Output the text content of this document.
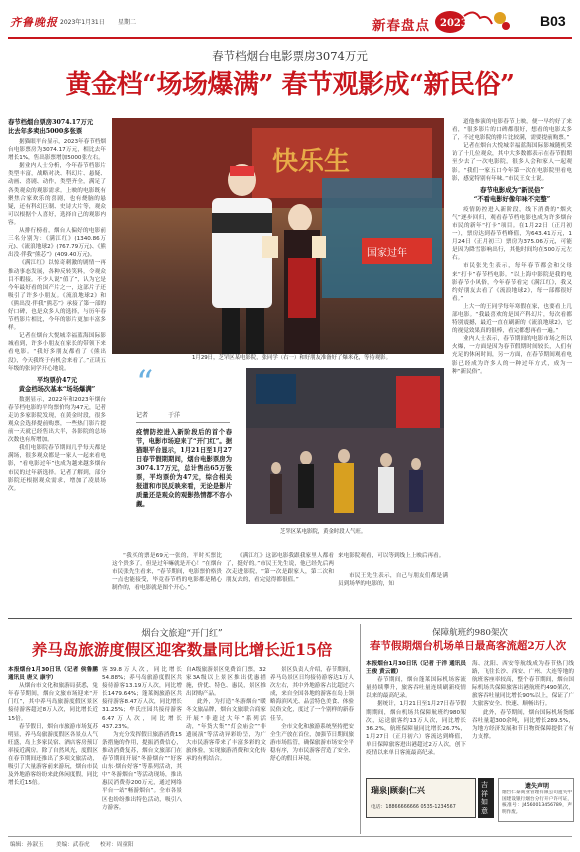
齐鲁晚报 2023年1月31日 星期二	新春盘点 2023	B03
春节档烟台电影票房3074万元
黄金档“场场爆满” 春节观影成“新民俗”
春节档烟台票房3074.17万元
比去年多卖出5000多张票

据猫眼平台显示，2023年春节档烟台电影票房为3074.17万元，相比去年增长1%，售出影票增加5000张左右。

据业内人士分析，今年春节档影片类型丰富，战略对决、科幻片、悬疑、动画、喜剧、动作，类型齐全，满足了各类观众的观影需求。上映的电影既有聚焦合家欢乐的喜剧，也有烧脑的悬疑，还有科幻巨制、史诗大片等，观众可以根据个人喜好，选择自己的观影内容。

从排行榜看，烟台人偏好的电影前三名分别为：《满江红》(1340.86万元)、《流浪地球2》(767.79万元)、《熊出没·伴我“熊芯”》(409.40万元)。

《满江红》以惊奇刺激的剧情一再推动事态发展，各种反转笑料，令观众目不暇接。不少人说“值了”，认为它是今年最好看的国产片之一，这部片子还吸引了许多小朋友。《流浪地球2》和《熊出没·伴我“熊芯”》承接了第一部的好口碑，也是众多人的选择，与历年春节档影片相比，今年的影片更加丰富多样。

记者在烟台大悦城幸福蓝海国际影城看到，许多小朋友在家长的带领下来看电影。“我好多朋友都看了《熊出没》，今天我终于有机会来看了。”正读五年级的张同学开心地说。

平均票价47元
黄金档场次基本“场场爆满”

数据显示，2022年和2023年烟台春节档电影的平均票价均为47元，记者走访多家影院发现，在黄金时段，很多观众会选择提前购票，一些热门影片提前一天就已经售出大半，各影院的总场次数也有所增加。

我们电影院春节期间几乎每天都是满场，很多观众都是一家人一起来看电影，“看电影过年”也成为越来越多烟台市民的过年新选择。记者了解到，部分影院还根据观众需求，增加了凌晨场次。

快乐生
国家过年
1月29日，芝罘区某电影院，张同学（右一）和好朋友准备好了爆米花，等待观影。
“
记者	于洋

疫情防控进入新阶段后的首个春节，电影市场迎来了“开门红”。据猫眼平台显示，1月21日至1月27日春节假期期间，烟台电影票房为3074.17万元，总计售出65万张票，平均票价为47元，综合相关报道和市民反映来看，无论是影片质量还是观众的观影热情都不容小觑。

芝罘区某电影院，黄金时段人气旺。

道他参演的电影春节上映，便一早约好了来看，“很多影片的口碑都很好，想看的电影太多了，不过电影院的排片比较满，需要提前购票。”

记者在烟台大悦城幸福蓝海国际影城随机采访了十几位观众，其中大多数都表示在春节假期至少去了一次电影院，很多人会和家人一起观影。“我们一家五口今年第一次在电影院里看电影，感觉特别有年味。”市民王女士说。

春节电影成为“新民俗”
“不看电影好像年味不完整”

疫情防控进入新阶段，线下消费的“烟火气”逐步回归，观看春节档电影也成为许多烟台市民的新年“打卡”项目。在1月22日（正月初一），票房达到春节档峰值，为643.41万元，1月24日（正月初三）票房为375.06万元，可能是因为降雪影响出行，其他时间均在500万元左右。

市民张先生表示，每年春节都会和父母来“打卡”春节档电影。“以上海中影院是我的电影春节小风俗，今年春节看完《满江红》，我又约好朋友去看了《流浪地球2》，每一部都很好看。”

上大一的王同学每年寒假在家，也要看上几部电影。“我最喜欢的是国产科幻片，每次看都特别震撼，最近一直在刷新的《流浪地球2》，它的视觉效果真的很棒，看完都想再看一遍。”

业内人士表示，春节期间的电影市场之所以火爆，一方面是因为春节假期时间较长，人们有充足的休闲时间，另一方面，在春节期间观看电影已经成为许多人的一种过年方式，成为一种“新民俗”。

“我买的票是69元一张的，平时买票比这个贵多了，但是过年嘛就是开心！”在烟台市民张先生看来，“春节期间，电影票价格贵一点也能接受，毕竟春节档的电影都是精心制作的，看电影就是图个开心。”

《满江红》这部电影我跟我家里人都看了，挺好的。”市民王先生说，他已经先后两次走进影院，“第一次是跟家人，第二次和朋友去的，看完觉得都很值。”

来电影院观看，可以等到线上上映后再看。

市民王先生表示，自己与朋友们都是满员到场华的电影的，知

烟台文旅迎“开门红”
养马岛旅游度假区迎客数量同比增长近15倍

本报烟台1月30日讯（记者 侯鲁鹏 通讯员 唐义 康宇）

从烟台市文化和旅游局获悉，兔年春节期间，烟台文旅市场迎来“开门红”，其中养马岛旅游度假区景区接待游客超过8万人次，同比增长近15倍。

春节假日，烟台市旅游市场复苏明显，养马岛旅游度假区各景点人气旺盛，岛上多家民宿、酒店客房预订率接近满房。除了自然风光，度假区在春节期间还推出了多项文旅活动，吸引了大量游客前来游玩，烟台市民及外地游客纷纷来此休闲度假，同比增长近15倍。

客39.8万人次，同比增长54.88%；养马岛旅游度假区共接待游客13.19万人次，同比增长1479.64%；蓬莱阁旅游区共接待游客8.47万人次，同比增长31.25%；牟氏庄园共接待游客6.47万人次，同比增长437.23%。

为充分发挥假日旅游消费15条措施的作用，提振消费信心，推动消费复苏，烟台文旅部门在春节期间开展“冬游烟台”“好客山东·烟台好客”等系列活动，其中“冬游烟台”等活动现场，推出惠民消费券200万元，通过网络平台一站“畅游烟台”。全市各景区也纷纷推出特色活动，吸引八方游客。

自A级旅游景区免费首门票，32家3A级以上景区推出优惠措施，价优、特色、惠民，景区推出团购产品。

此外，为打造“冬游烟台”暖冬文旅品牌，烟台文旅联合商家开展“非遗过大年”系列活动，“年货大集”“灯会庙会”“非遗展演”等活动异彩纷呈，为广大市民游客带来了丰富多彩的文旅体验，实现旅游消费和文化传承的有机结合。

景区负责人介绍，春节期间，养马岛景区日均接待游客达1万人次左右，其中外地游客占比超过六成，来自全国各地的游客在岛上领略海滨风光、品尝特色美食、体验民俗文化，度过了一个别样的新春佳节。

全市文化和旅游系统坚持把安全生产放在首位，加强节日期间旅游市场监管，确保旅游市场安全平稳有序，为市民游客营造了安全、舒心的假日环境。

保障航班约980架次
春节假期烟台机场单日最高客流超2万人次

本报烟台1月30日讯（记者 于洋 通讯员 王俊 黄云霞）

春节期间，烟台蓬莱国际机场客流量持续攀升，旅客吞吐量连续刷新疫情以来的最高纪录。

据统计，1月21日至1月27日春节假期期间，烟台机场共保障航班约980架次，运送旅客约13万人次，同比增长36.2%，航班保障量同比增长26.7%，1月27日（正月初六）客流达到峰值，单日保障旅客进出港超过2万人次，创下疫情以来单日客流最高纪录。

海、沈阳、西安等航线成为春节热门线路，飞往长沙、西安、广州、大连等地的航班客座率较高，整个春节期间，烟台国际机场共保障旅客出港航班约490架次，旅客吞吐量同比增长90%以上，保证了广大旅客安全、快速、顺畅出行。

此外，春节期间，烟台国际机场货邮吞吐量超300余吨，同比增长289.5%，为地方经济发展和节日物资保障提供了有力支撑。

瑞泉|顾泰|仁兴
电话：18866666666 0535-1234567
吉祥如意
遗失声明

烟台仁泰商业管理有限公司遗失中国建设银行烟台分行开户许可证，核准号：J4560013456789，声明作废。

编辑：孙淑玉 美编：武春虎 校对：周童阳
